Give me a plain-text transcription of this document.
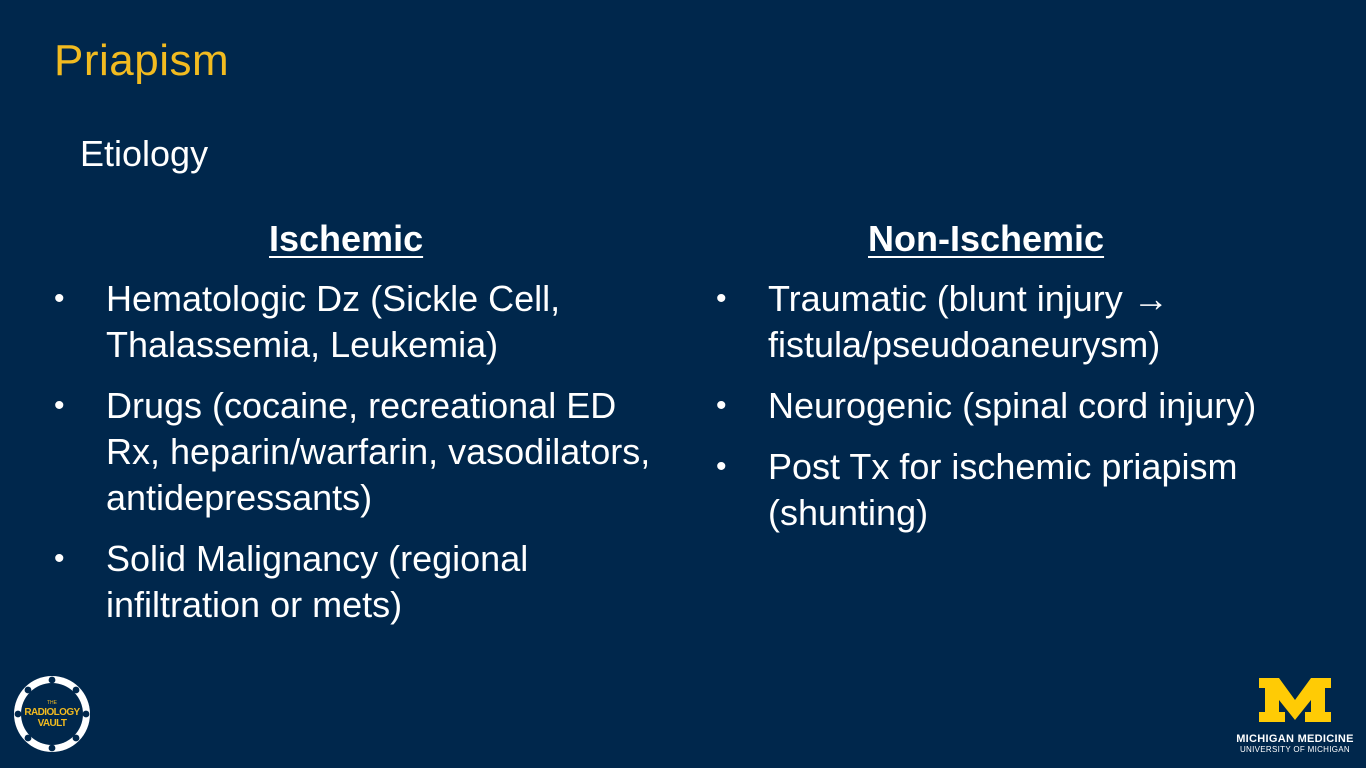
Priapism
Etiology
Ischemic
•	Hematologic Dz (Sickle Cell, Thalassemia, Leukemia)
•	Drugs (cocaine, recreational ED Rx, heparin/warfarin, vasodilators, antidepressants)
•	Solid Malignancy (regional infiltration or mets)
Non-Ischemic
•	Traumatic (blunt injury → fistula/pseudoaneurysm)
•	Neurogenic (spinal cord injury)
•	Post Tx for ischemic priapism (shunting)
THE
RADIOLOGY
VAULT
MICHIGAN MEDICINE
UNIVERSITY OF MICHIGAN
